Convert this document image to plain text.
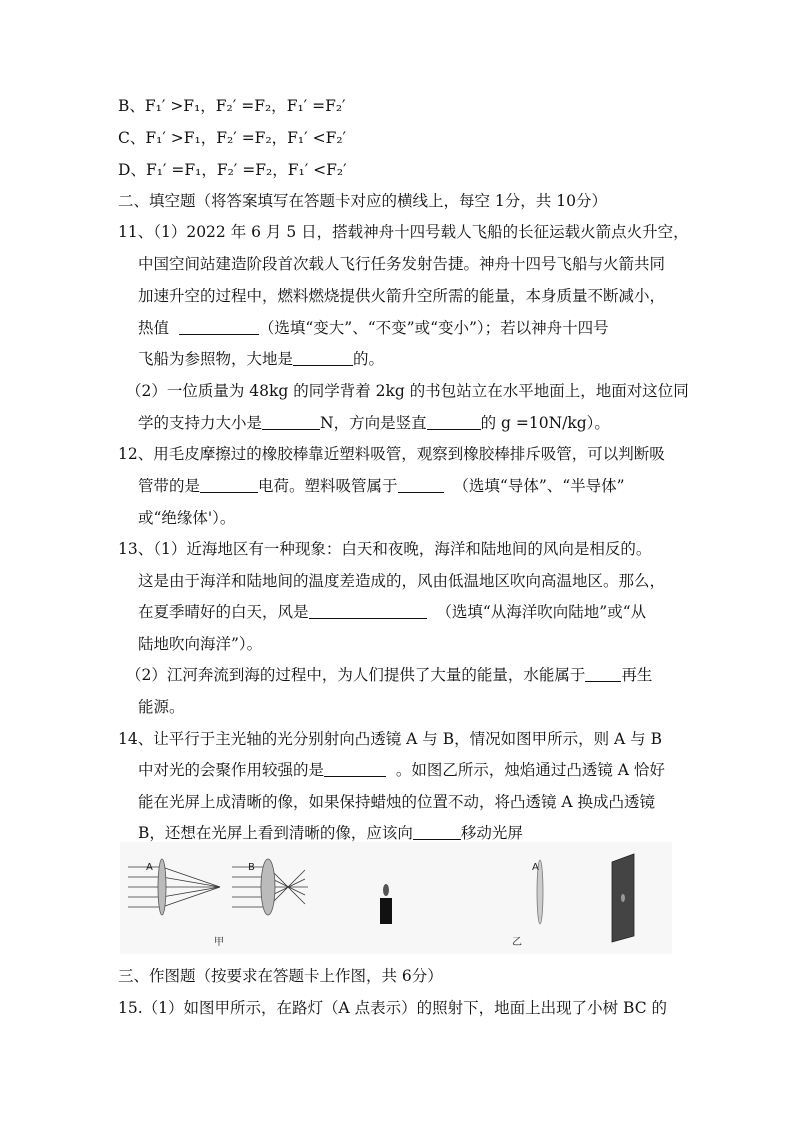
B、F₁′ >F₁，F₂′ =F₂，F₁′ =F₂′
C、F₁′ >F₁，F₂′ =F₂，F₁′ <F₂′
D、F₁′ =F₁，F₂′ =F₂，F₁′ <F₂′
二、填空题（将答案填写在答题卡对应的横线上，每空 1分，共 10分）
11、（1）2022 年 6 月 5 日，搭载神舟十四号载人飞船的长征运载火箭点火升空，
中国空间站建造阶段首次载人飞行任务发射告捷。神舟十四号飞船与火箭共同
加速升空的过程中，燃料燃烧提供火箭升空所需的能量，本身质量不断减小，
热值	（选填“变大”、“不变”或“变小”）；若以神舟十四号
飞船为参照物，大地是	的。
（2）一位质量为 48kg 的同学背着 2kg 的书包站立在水平地面上，地面对这位同
学的支持力大小是	N，方向是竖直	的 g =10N/kg）。
12、用毛皮摩擦过的橡胶棒靠近塑料吸管，观察到橡胶棒排斥吸管，可以判断吸
管带的是	电荷。塑料吸管属于	（选填“导体”、“半导体”
或“绝缘体'）。
13、（1）近海地区有一种现象：白天和夜晚，海洋和陆地间的风向是相反的。
这是由于海洋和陆地间的温度差造成的，风由低温地区吹向高温地区。那么，
在夏季晴好的白天，风是	（选填“从海洋吹向陆地”或“从
陆地吹向海洋”）。
（2）江河奔流到海的过程中，为人们提供了大量的能量，水能属于 再生
能源。
14、让平行于主光轴的光分别射向凸透镜 A 与 B，情况如图甲所示，则 A 与 B
中对光的会聚作用较强的是	。如图乙所示，烛焰通过凸透镜 A 恰好
能在光屏上成清晰的像，如果保持蜡烛的位置不动，将凸透镜 A 换成凸透镜
B，还想在光屏上看到清晰的像，应该向	移动光屏
A	B
甲
A
乙
三、作图题（按要求在答题卡上作图，共 6分）
15.（1）如图甲所示，在路灯（A 点表示）的照射下，地面上出现了小树 BC 的
